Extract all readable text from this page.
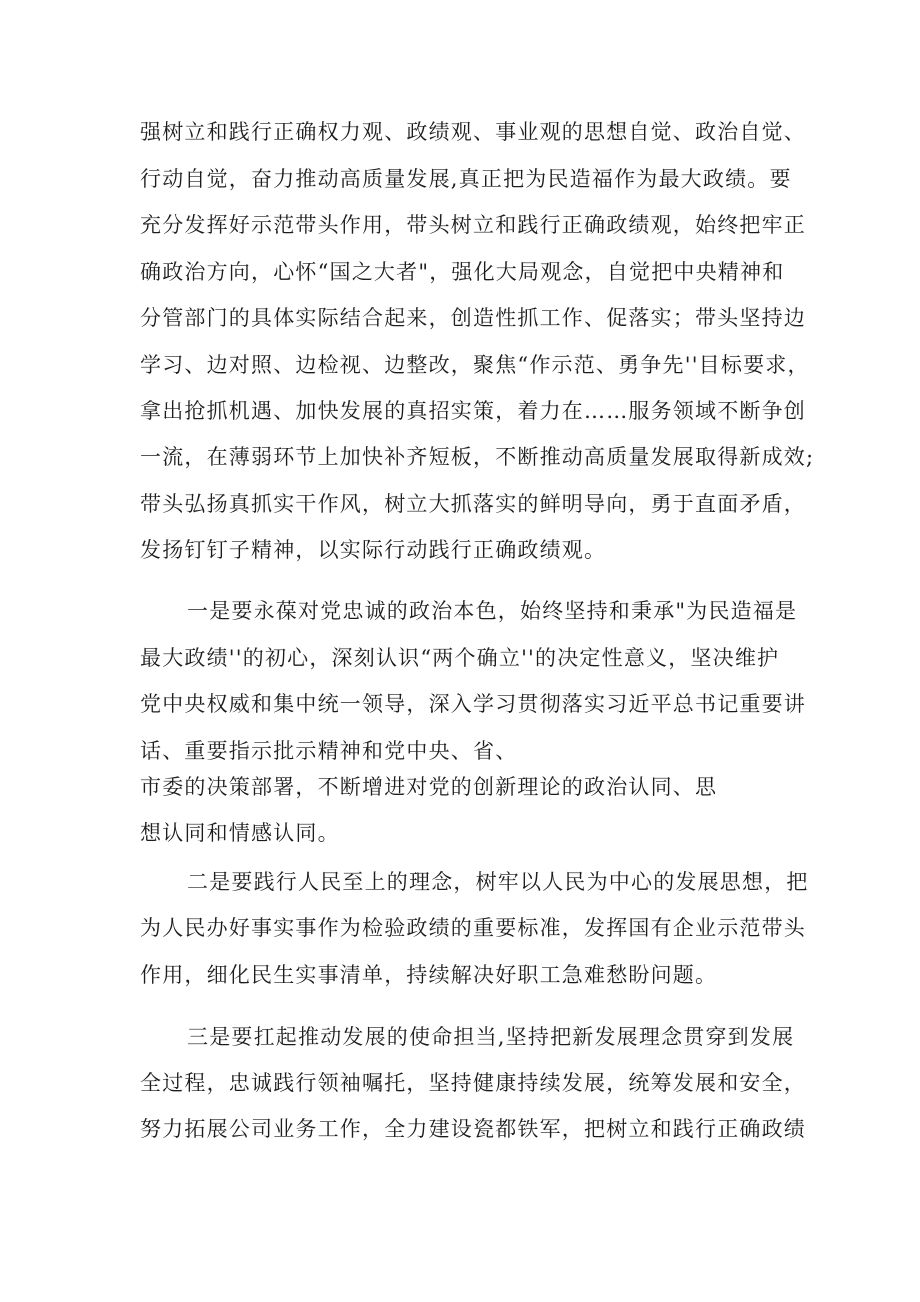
强树立和践行正确权力观、政绩观、事业观的思想自觉、政治自觉、
行动自觉，奋力推动高质量发展,真正把为民造福作为最大政绩。要
充分发挥好示范带头作用，带头树立和践行正确政绩观，始终把牢正
确政治方向，心怀“国之大者"，强化大局观念，自觉把中央精神和
分管部门的具体实际结合起来，创造性抓工作、促落实；带头坚持边
学习、边对照、边检视、边整改，聚焦“作示范、勇争先''目标要求，
拿出抢抓机遇、加快发展的真招实策，着力在……服务领域不断争创
一流，在薄弱环节上加快补齐短板，不断推动高质量发展取得新成效;
带头弘扬真抓实干作风，树立大抓落实的鲜明导向，勇于直面矛盾，
发扬钉钉子精神，以实际行动践行正确政绩观。
一是要永葆对党忠诚的政治本色，始终坚持和秉承"为民造福是
最大政绩''的初心，深刻认识“两个确立''的决定性意义，坚决维护
党中央权威和集中统一领导，深入学习贯彻落实习近平总书记重要讲
话、重要指示批示精神和党中央、省、
市委的决策部署，不断增进对党的创新理论的政治认同、思
想认同和情感认同。
二是要践行人民至上的理念，树牢以人民为中心的发展思想，把
为人民办好事实事作为检验政绩的重要标准，发挥国有企业示范带头
作用，细化民生实事清单，持续解决好职工急难愁盼问题。
三是要扛起推动发展的使命担当,坚持把新发展理念贯穿到发展
全过程，忠诚践行领袖嘱托，坚持健康持续发展，统筹发展和安全，
努力拓展公司业务工作，全力建设瓷都铁军，把树立和践行正确政绩
